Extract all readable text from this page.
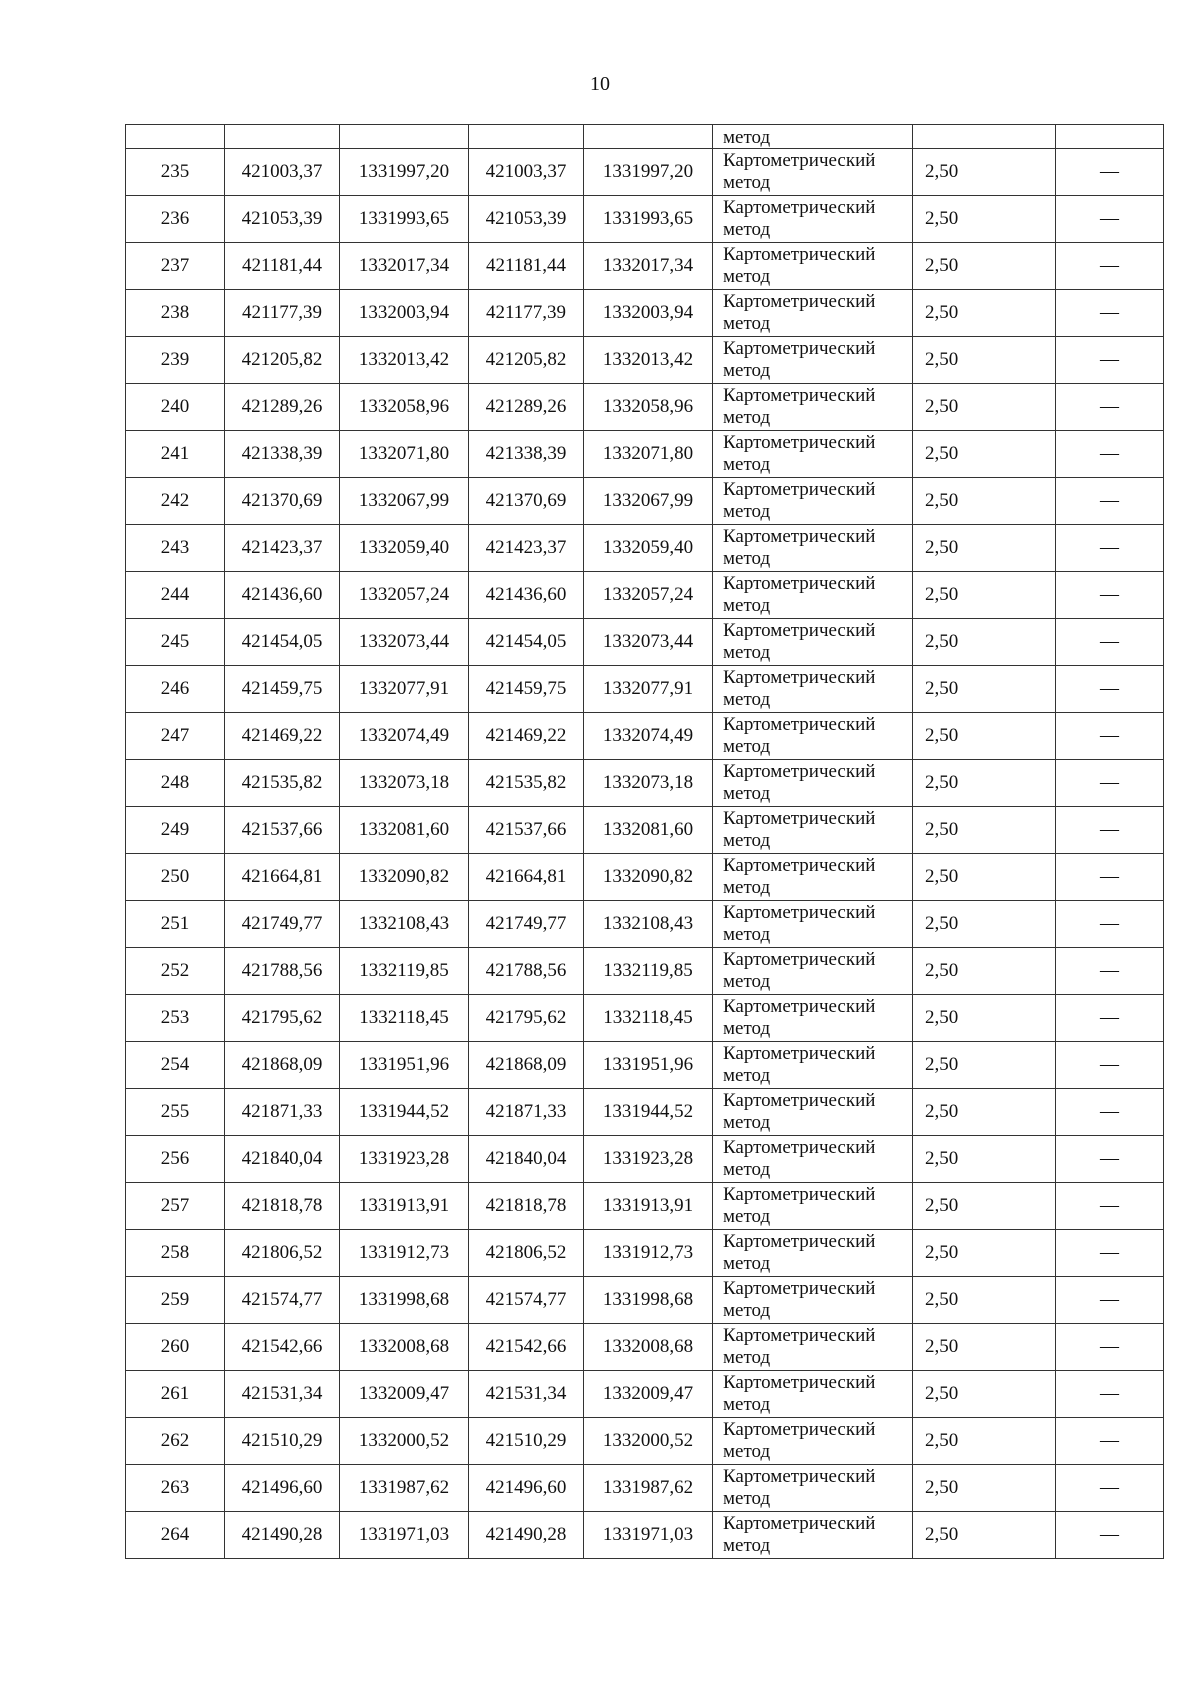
10
					метод		
235	421003,37	1331997,20	421003,37	1331997,20	Картометрический
метод	2,50	—
236	421053,39	1331993,65	421053,39	1331993,65	Картометрический
метод	2,50	—
237	421181,44	1332017,34	421181,44	1332017,34	Картометрический
метод	2,50	—
238	421177,39	1332003,94	421177,39	1332003,94	Картометрический
метод	2,50	—
239	421205,82	1332013,42	421205,82	1332013,42	Картометрический
метод	2,50	—
240	421289,26	1332058,96	421289,26	1332058,96	Картометрический
метод	2,50	—
241	421338,39	1332071,80	421338,39	1332071,80	Картометрический
метод	2,50	—
242	421370,69	1332067,99	421370,69	1332067,99	Картометрический
метод	2,50	—
243	421423,37	1332059,40	421423,37	1332059,40	Картометрический
метод	2,50	—
244	421436,60	1332057,24	421436,60	1332057,24	Картометрический
метод	2,50	—
245	421454,05	1332073,44	421454,05	1332073,44	Картометрический
метод	2,50	—
246	421459,75	1332077,91	421459,75	1332077,91	Картометрический
метод	2,50	—
247	421469,22	1332074,49	421469,22	1332074,49	Картометрический
метод	2,50	—
248	421535,82	1332073,18	421535,82	1332073,18	Картометрический
метод	2,50	—
249	421537,66	1332081,60	421537,66	1332081,60	Картометрический
метод	2,50	—
250	421664,81	1332090,82	421664,81	1332090,82	Картометрический
метод	2,50	—
251	421749,77	1332108,43	421749,77	1332108,43	Картометрический
метод	2,50	—
252	421788,56	1332119,85	421788,56	1332119,85	Картометрический
метод	2,50	—
253	421795,62	1332118,45	421795,62	1332118,45	Картометрический
метод	2,50	—
254	421868,09	1331951,96	421868,09	1331951,96	Картометрический
метод	2,50	—
255	421871,33	1331944,52	421871,33	1331944,52	Картометрический
метод	2,50	—
256	421840,04	1331923,28	421840,04	1331923,28	Картометрический
метод	2,50	—
257	421818,78	1331913,91	421818,78	1331913,91	Картометрический
метод	2,50	—
258	421806,52	1331912,73	421806,52	1331912,73	Картометрический
метод	2,50	—
259	421574,77	1331998,68	421574,77	1331998,68	Картометрический
метод	2,50	—
260	421542,66	1332008,68	421542,66	1332008,68	Картометрический
метод	2,50	—
261	421531,34	1332009,47	421531,34	1332009,47	Картометрический
метод	2,50	—
262	421510,29	1332000,52	421510,29	1332000,52	Картометрический
метод	2,50	—
263	421496,60	1331987,62	421496,60	1331987,62	Картометрический
метод	2,50	—
264	421490,28	1331971,03	421490,28	1331971,03	Картометрический
метод	2,50	—
